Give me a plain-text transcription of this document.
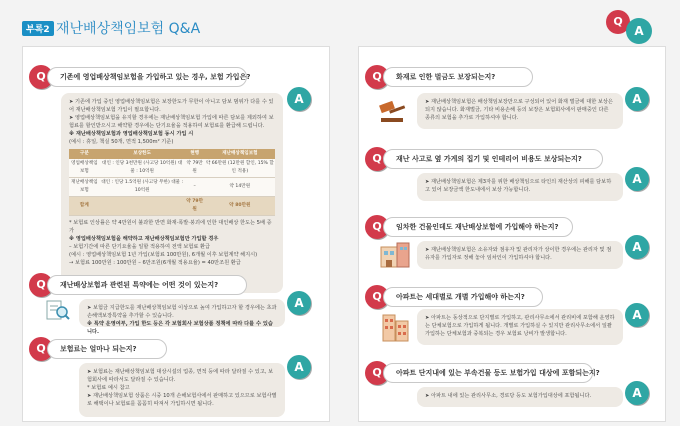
부록2 재난배상책임보험 Q&A	Q
A
Q	기존에 영업배상책임보험을 가입하고 있는 경우, 보험 가입은?

➤ 기존에 가입 중인 영업배상책임보험은 보장한도가 무한이 아니고 담보 범위가 다를 수 있어 재난배상책임보험 가입이 필요합니다.

➤ 영업배상책임보험을 유지할 경우에는 재난배상책임보험 가입에 따른 담보를 제외하여 보험료를 할인받으시고 해약할 경우에는 단기요율을 적용하여 보험료를 환급해 드립니다.

※ 재난배상책임보험과 영업배상책임보험 동시 가입 시

(예시 : 휴일, 책실 50개, 면적 1,500m² 기준)

구분	보상한도	현행	재난배상책임보험
영업배상책임보험	대인 : 인당 3천만원 (사고당 10억원) 대물 : 10억원	약 79만원	약 66만원 (12만원 할인, 15% 할인 적용)
재난배상책임보험	대인 : 인당 1.5억원 (사고당 무한) 대물 : 10억원	–	약 14만원
합계		약 79만원	약 80만원

* 보험료 인상률은 약 4만원이 불과한 반면 화재·폭발·붕괴에 인한 대인배상 한도는 5배 증가

※ 영업배상책임보험을 해약하고 재난배상책임보험만 가입할 경우

– 보험기간에 따른 단기요율을 일할 적용하여 전액 보험료 환급

(예시 : 영업배상책임보험 1년 가입(보험료 100만원), 6개월 이후 보험계약 해지시)

→ 보험료 100만원 : 100만원 – 6만조원(6개월 적용요율) = 40만조원 환급

A
Q	재난배상보험과 관련된 특약에는 어떤 것이 있는지?

➤ 보험금 지급한도를 재난배상책임보험 이상으로 높여 가입하고자 할 경우에는 초과손해액보장특약을 추가할 수 있습니다.

※ 특약 운영여부, 가입 한도 등은 각 보험회사 보험상품 정책에 따라 다를 수 있습니다.

A
Q	보험료는 얼마나 되는지?

➤ 보험료는 재난배상책임보험 대상시설의 업종, 면적 등에 따라 달라질 수 있고, 보험회사에 따라서도 달라질 수 있습니다.

* 보험료 예시 참고

➤ 재난배상책임보험 상품은 시중 10개 손해보험사에서 판매하고 있으므로 보험사별로 해택이나 보험료를 꼼꼼히 따져서 가입하시면 됩니다.

A
Q	화재로 인한 벌금도 보장되는지?

➤ 재난배상책임보험은 배상책임보장만으로 구성되어 있어 화재 벌금에 대한 보상은 되지 않습니다. 화재벌금, 기타 비용손해 등의 보장은 보험회사에서 판매중인 다른 종류의 보험을 추가로 가입하셔야 합니다.

A
Q	재난 사고로 옆 가게의 집기 및 인테리어 비용도 보상되는지?

➤ 재난배상책임보험은 제3자를 위한 배상책임으로 타인의 재산상의 피해를 담보하고 있어 보장금액 한도내에서 보상 가능합니다.

A
Q	임차한 건물인데도 재난배상보험에 가입해야 하는지?

➤ 재난배상책임보험은 소유자와 점유자 및 관리자가 상이한 경우에는 관리자 및 점유자를 가입자로 정해 놓아 임차인이 가입하셔야 합니다.

A
Q	아파트는 세대별로 개별 가입해야 하는지?

➤ 아파트는 동상적으로 단지별로 가입하고, 관리사무소에서 관리비에 포함해 운영하는 단체보험으로 가입하게 됩니다. 개별로 가입하실 수 있지만 관리사무소에서 일괄 가입하는 단체보험과 중복되는 경우 보험료 낭비가 발생합니다.

A
Q	아파트 단지내에 있는 부속건물 등도 보험가입 대상에 포함되는지?

➤ 아파트 내에 있는 관리사무소, 경로당 등도 보험가입대상에 포함됩니다.	A
